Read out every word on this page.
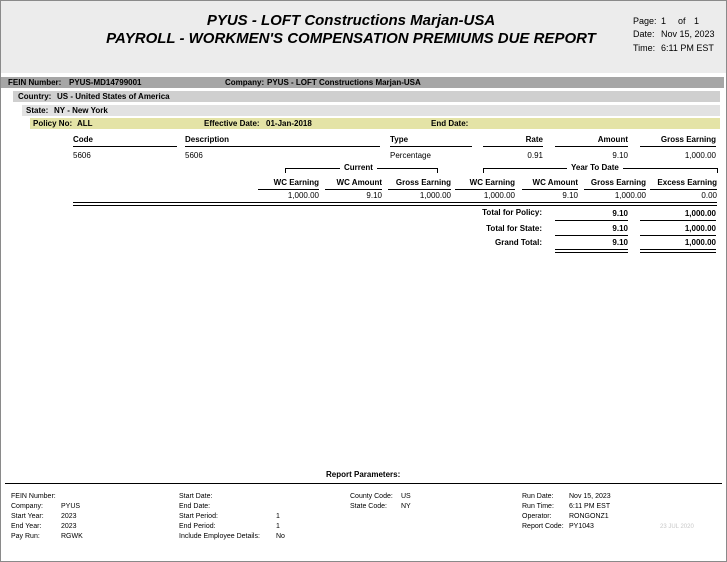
PYUS - LOFT Constructions Marjan-USA
PAYROLL - WORKMEN'S COMPENSATION PREMIUMS DUE REPORT
Page: 1 of 1
Date: Nov 15, 2023
Time: 6:11 PM EST
FEIN Number: PYUS-MD14799001	Company: PYUS - LOFT Constructions Marjan-USA
Country: US - United States of America
State: NY - New York
Policy No: ALL	Effective Date: 01-Jan-2018	End Date:
Code	Description	Type	Rate	Amount	Gross Earning
5606	5606	Percentage	0.91	9.10	1,000.00
Current	Year To Date
WC Earning	WC Amount	Gross Earning	WC Earning	WC Amount	Gross Earning	Excess Earning
1,000.00	9.10	1,000.00	1,000.00	9.10	1,000.00	0.00
Total for Policy:	9.10	1,000.00
Total for State:	9.10	1,000.00
Grand Total:	9.10	1,000.00
Report Parameters:
FEIN Number:
Company:	PYUS
Start Year: 2023
End Year:	2023
Pay Run:	RGWK
Start Date:
End Date:
Start Period:	1
End Period:	1
Include Employee Details: No
County Code: US
State Code: NY
Run Date: Nov 15, 2023
Run Time: 6:11 PM EST
Operator: RONGONZ1
Report Code: PY1043	23 JUL 2020
